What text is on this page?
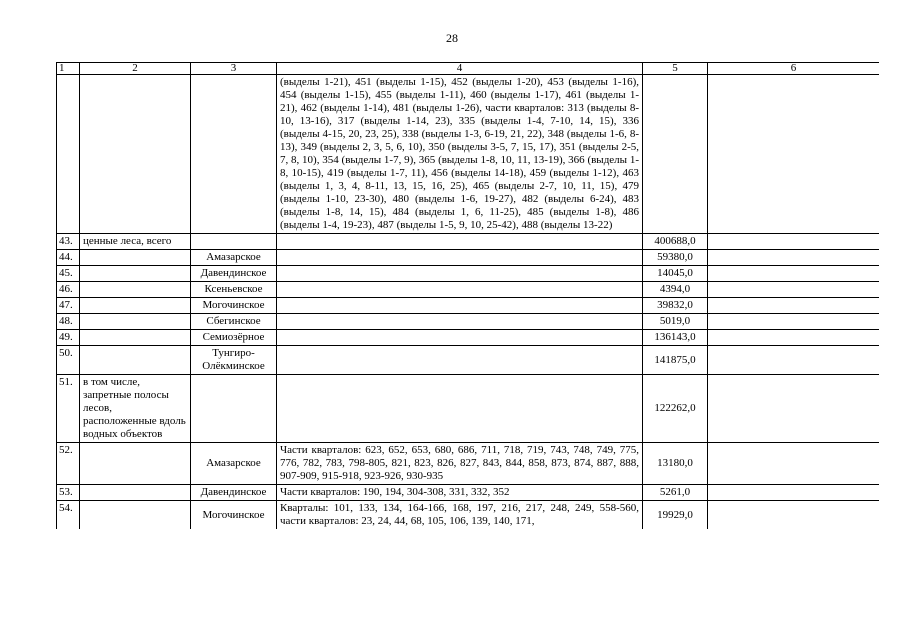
28
1	2	3	4	5	6
			(выделы 1-21), 451 (выделы 1-15), 452 (выделы 1-20), 453 (выделы 1-16), 454 (выделы 1-15), 455 (выделы 1-11), 460 (выделы 1-17), 461 (выделы 1-21), 462 (выделы 1-14), 481 (выделы 1-26), части кварталов: 313 (выделы 8-10, 13-16), 317 (выделы 1-14, 23), 335 (выделы 1-4, 7-10, 14, 15), 336 (выделы 4-15, 20, 23, 25), 338 (выделы 1-3, 6-19, 21, 22), 348 (выделы 1-6, 8-13), 349 (выделы 2, 3, 5, 6, 10), 350 (выделы 3-5, 7, 15, 17), 351 (выделы 2-5, 7, 8, 10), 354 (выделы 1-7, 9), 365 (выделы 1-8, 10, 11, 13-19), 366 (выделы 1-8, 10-15), 419 (выделы 1-7, 11), 456 (выделы 14-18), 459 (выделы 1-12), 463 (выделы 1, 3, 4, 8-11, 13, 15, 16, 25), 465 (выделы 2-7, 10, 11, 15), 479 (выделы 1-10, 23-30), 480 (выделы 1-6, 19-27), 482 (выделы 6-24), 483 (выделы 1-8, 14, 15), 484 (выделы 1, 6, 11-25), 485 (выделы 1-8), 486 (выделы 1-4, 19-23), 487 (выделы 1-5, 9, 10, 25-42), 488 (выделы 13-22)		
43.	ценные леса, всего			400688,0	
44.		Амазарское		59380,0	
45.		Давендинское		14045,0	
46.		Ксеньевское		4394,0	
47.		Могочинское		39832,0	
48.		Сбегинское		5019,0	
49.		Семиозёрное		136143,0	
50.		Тунгиро-Олёкминское		141875,0	
51.	в том числе, запретные полосы лесов, расположенные вдоль водных объектов			122262,0	
52.		Амазарское	Части кварталов: 623, 652, 653, 680, 686, 711, 718, 719, 743, 748, 749, 775, 776, 782, 783, 798-805, 821, 823, 826, 827, 843, 844, 858, 873, 874, 887, 888, 907-909, 915-918, 923-926, 930-935	13180,0	
53.		Давендинское	Части кварталов: 190, 194, 304-308, 331, 332, 352	5261,0	
54.		Могочинское	Кварталы: 101, 133, 134, 164-166, 168, 197, 216, 217, 248, 249, 558-560, части кварталов: 23, 24, 44, 68, 105, 106, 139, 140, 171,	19929,0	
